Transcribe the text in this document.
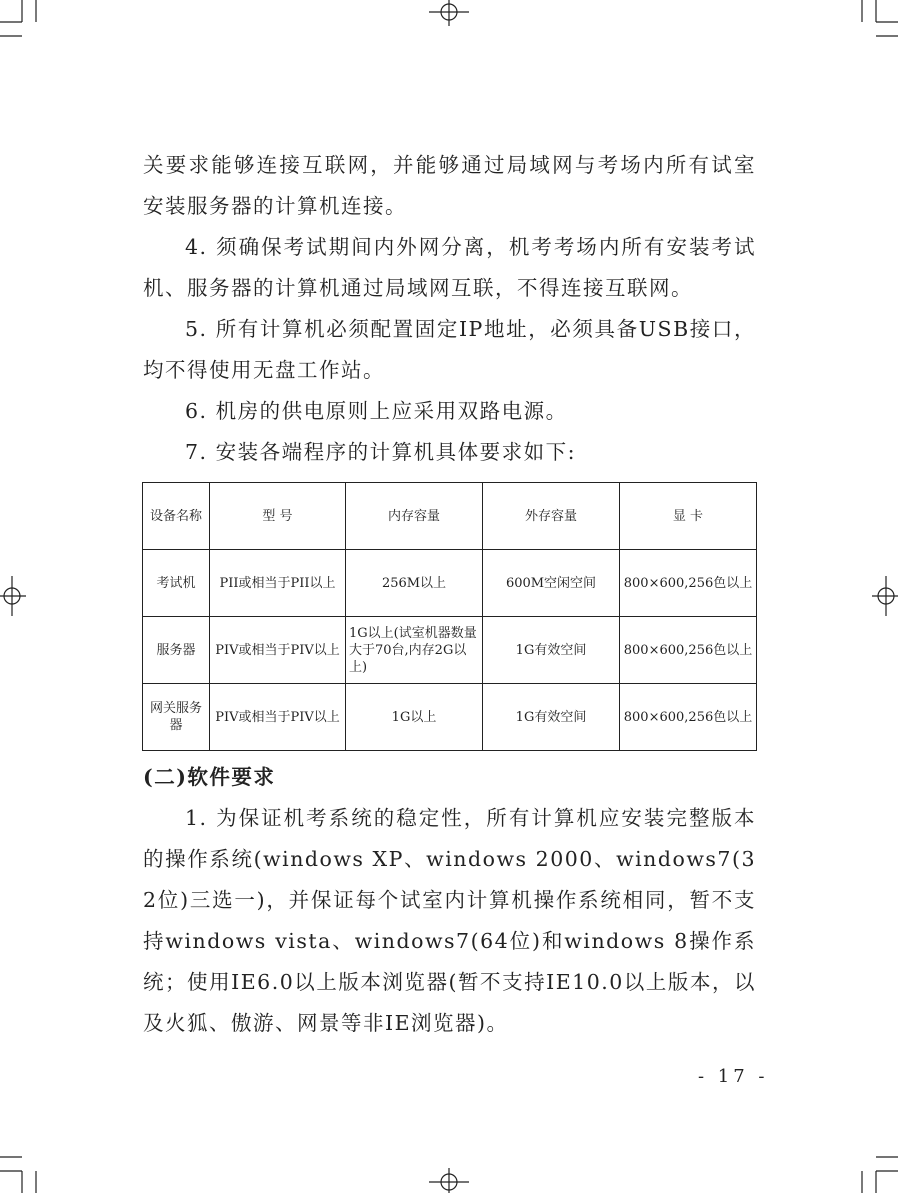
关要求能够连接互联网，并能够通过局域网与考场内所有试室安装服务器的计算机连接。

4. 须确保考试期间内外网分离，机考考场内所有安装考试机、服务器的计算机通过局域网互联，不得连接互联网。

5. 所有计算机必须配置固定IP地址，必须具备USB接口，均不得使用无盘工作站。

6. 机房的供电原则上应采用双路电源。

7. 安装各端程序的计算机具体要求如下:

设备名称	型 号	内存容量	外存容量	显 卡
考试机	PII或相当于PII以上	256M以上	600M空闲空间	800×600,256色以上
服务器	PIV或相当于PIV以上	1G以上(试室机器数量大于70台,内存2G以上)	1G有效空间	800×600,256色以上
网关服务器	PIV或相当于PIV以上	1G以上	1G有效空间	800×600,256色以上

(二)软件要求

1. 为保证机考系统的稳定性，所有计算机应安装完整版本的操作系统(windows XP、windows 2000、windows7(32位)三选一)，并保证每个试室内计算机操作系统相同，暂不支持windows vista、windows7(64位)和windows 8操作系统；使用IE6.0以上版本浏览器(暂不支持IE10.0以上版本，以及火狐、傲游、网景等非IE浏览器)。

- 17 -
